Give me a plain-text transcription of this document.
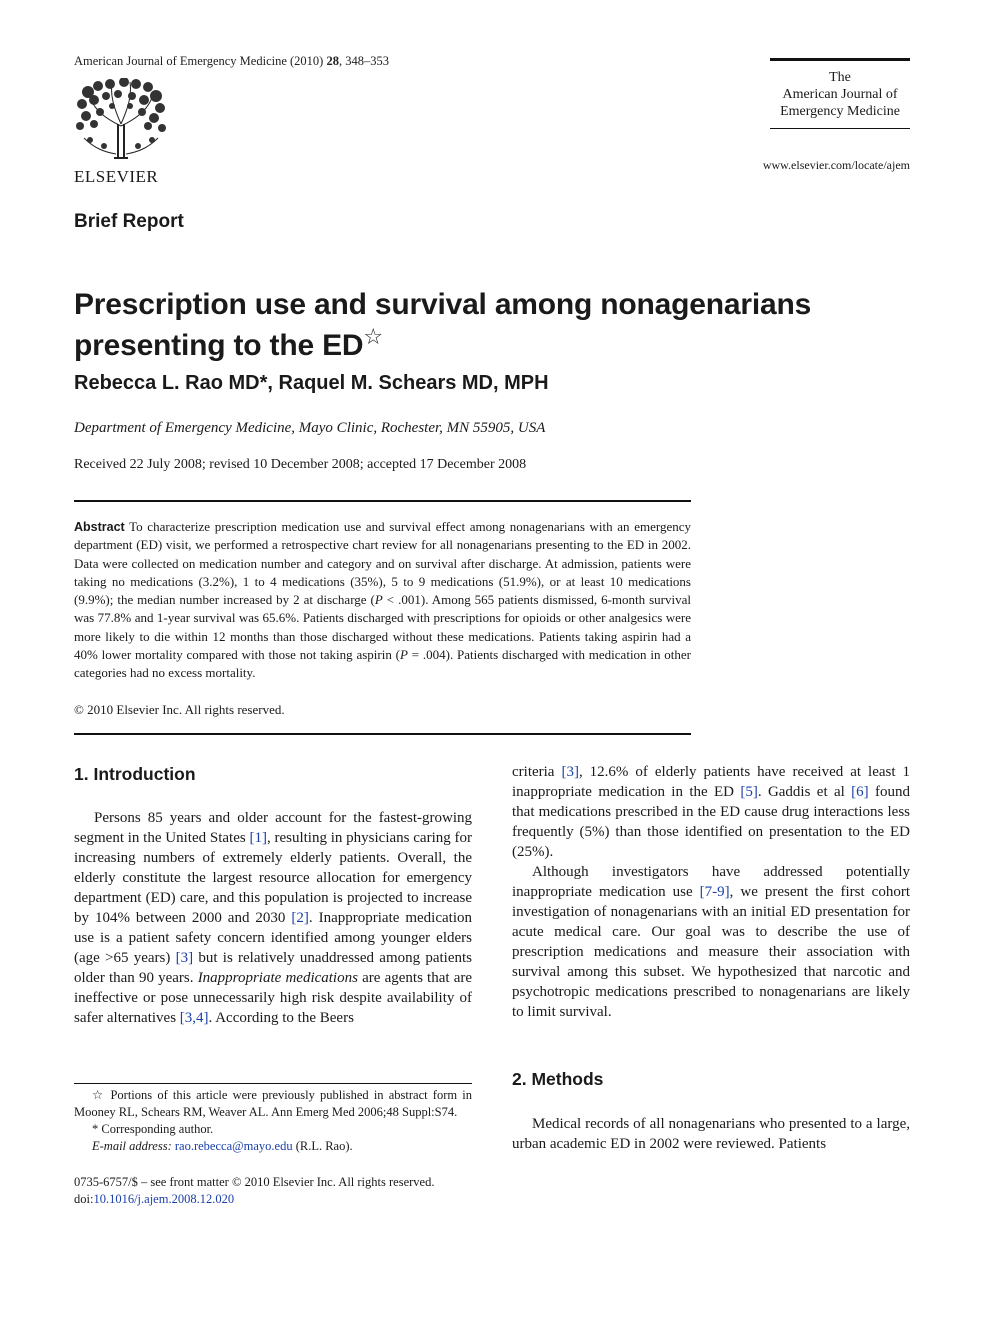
American Journal of Emergency Medicine (2010) 28, 348–353
ELSEVIER
The
American Journal of
Emergency Medicine
www.elsevier.com/locate/ajem
Brief Report
Prescription use and survival among nonagenarians
presenting to the ED☆
Rebecca L. Rao MD*, Raquel M. Schears MD, MPH
Department of Emergency Medicine, Mayo Clinic, Rochester, MN 55905, USA
Received 22 July 2008; revised 10 December 2008; accepted 17 December 2008
Abstract To characterize prescription medication use and survival effect among nonagenarians with an emergency department (ED) visit, we performed a retrospective chart review for all nonagenarians presenting to the ED in 2002. Data were collected on medication number and category and on survival after discharge. At admission, patients were taking no medications (3.2%), 1 to 4 medications (35%), 5 to 9 medications (51.9%), or at least 10 medications (9.9%); the median number increased by 2 at discharge (P < .001). Among 565 patients dismissed, 6-month survival was 77.8% and 1-year survival was 65.6%. Patients discharged with prescriptions for opioids or other analgesics were more likely to die within 12 months than those discharged without these medications. Patients taking aspirin had a 40% lower mortality compared with those not taking aspirin (P = .004). Patients discharged with medication in other categories had no excess mortality.
© 2010 Elsevier Inc. All rights reserved.
1. Introduction

Persons 85 years and older account for the fastest-growing segment in the United States [1], resulting in physicians caring for increasing numbers of extremely elderly patients. Overall, the elderly constitute the largest resource allocation for emergency department (ED) care, and this population is projected to increase by 104% between 2000 and 2030 [2]. Inappropriate medication use is a patient safety concern identified among younger elders (age >65 years) [3] but is relatively unaddressed among patients older than 90 years. Inappropriate medications are agents that are ineffective or pose unnecessarily high risk despite availability of safer alternatives [3,4]. According to the Beers

criteria [3], 12.6% of elderly patients have received at least 1 inappropriate medication in the ED [5]. Gaddis et al [6] found that medications prescribed in the ED cause drug interactions less frequently (5%) than those identified on presentation to the ED (25%).

Although investigators have addressed potentially inappropriate medication use [7-9], we present the first cohort investigation of nonagenarians with an initial ED presentation for acute medical care. Our goal was to describe the use of prescription medications and measure their association with survival among this subset. We hypothesized that narcotic and psychotropic medications prescribed to nonagenarians are likely to limit survival.

2. Methods

Medical records of all nonagenarians who presented to a large, urban academic ED in 2002 were reviewed. Patients

☆ Portions of this article were previously published in abstract form in Mooney RL, Schears RM, Weaver AL. Ann Emerg Med 2006;48 Suppl:S74.

* Corresponding author.

E-mail address: rao.rebecca@mayo.edu (R.L. Rao).

0735-6757/$ – see front matter © 2010 Elsevier Inc. All rights reserved.
doi:10.1016/j.ajem.2008.12.020
